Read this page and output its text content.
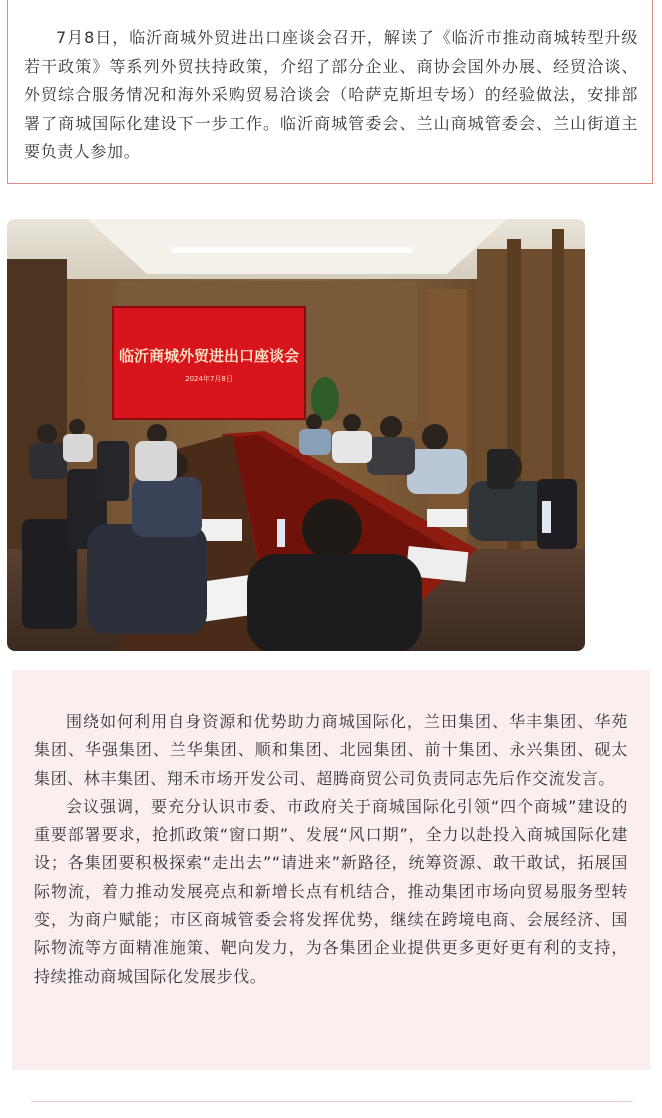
7月8日，临沂商城外贸进出口座谈会召开，解读了《临沂市推动商城转型升级若干政策》等系列外贸扶持政策，介绍了部分企业、商协会国外办展、经贸洽谈、外贸综合服务情况和海外采购贸易洽谈会（哈萨克斯坦专场）的经验做法，安排部署了商城国际化建设下一步工作。临沂商城管委会、兰山商城管委会、兰山街道主要负责人参加。

临沂商城外贸进出口座谈会
2024年7月8日

围绕如何利用自身资源和优势助力商城国际化，兰田集团、华丰集团、华苑集团、华强集团、兰华集团、顺和集团、北园集团、前十集团、永兴集团、砚太集团、林丰集团、翔禾市场开发公司、超腾商贸公司负责同志先后作交流发言。

会议强调，要充分认识市委、市政府关于商城国际化引领“四个商城”建设的重要部署要求，抢抓政策“窗口期”、发展“风口期”，全力以赴投入商城国际化建设；各集团要积极探索“走出去”“请进来”新路径，统筹资源、敢干敢试，拓展国际物流，着力推动发展亮点和新增长点有机结合，推动集团市场向贸易服务型转变，为商户赋能；市区商城管委会将发挥优势，继续在跨境电商、会展经济、国际物流等方面精准施策、靶向发力，为各集团企业提供更多更好更有利的支持，持续推动商城国际化发展步伐。
